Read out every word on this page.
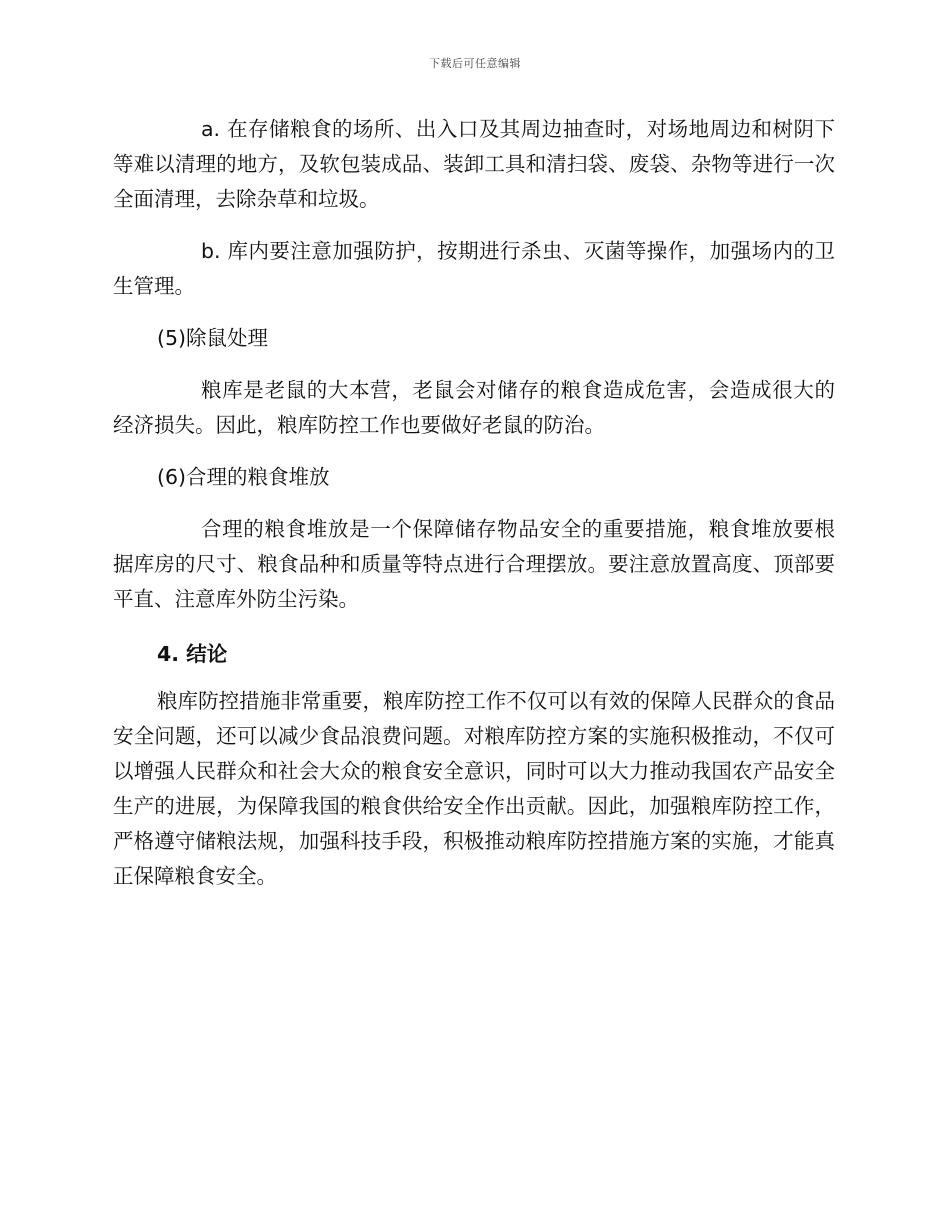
下载后可任意编辑

a. 在存储粮食的场所、出入口及其周边抽查时，对场地周边和树阴下等难以清理的地方，及软包装成品、装卸工具和清扫袋、废袋、杂物等进行一次全面清理，去除杂草和垃圾。

b. 库内要注意加强防护，按期进行杀虫、灭菌等操作，加强场内的卫生管理。

(5)除鼠处理

粮库是老鼠的大本营，老鼠会对储存的粮食造成危害，会造成很大的经济损失。因此，粮库防控工作也要做好老鼠的防治。

(6)合理的粮食堆放

合理的粮食堆放是一个保障储存物品安全的重要措施，粮食堆放要根据库房的尺寸、粮食品种和质量等特点进行合理摆放。要注意放置高度、顶部要平直、注意库外防尘污染。

4. 结论

粮库防控措施非常重要，粮库防控工作不仅可以有效的保障人民群众的食品安全问题，还可以减少食品浪费问题。对粮库防控方案的实施积极推动，不仅可以增强人民群众和社会大众的粮食安全意识，同时可以大力推动我国农产品安全生产的进展，为保障我国的粮食供给安全作出贡献。因此，加强粮库防控工作，严格遵守储粮法规，加强科技手段，积极推动粮库防控措施方案的实施，才能真正保障粮食安全。
